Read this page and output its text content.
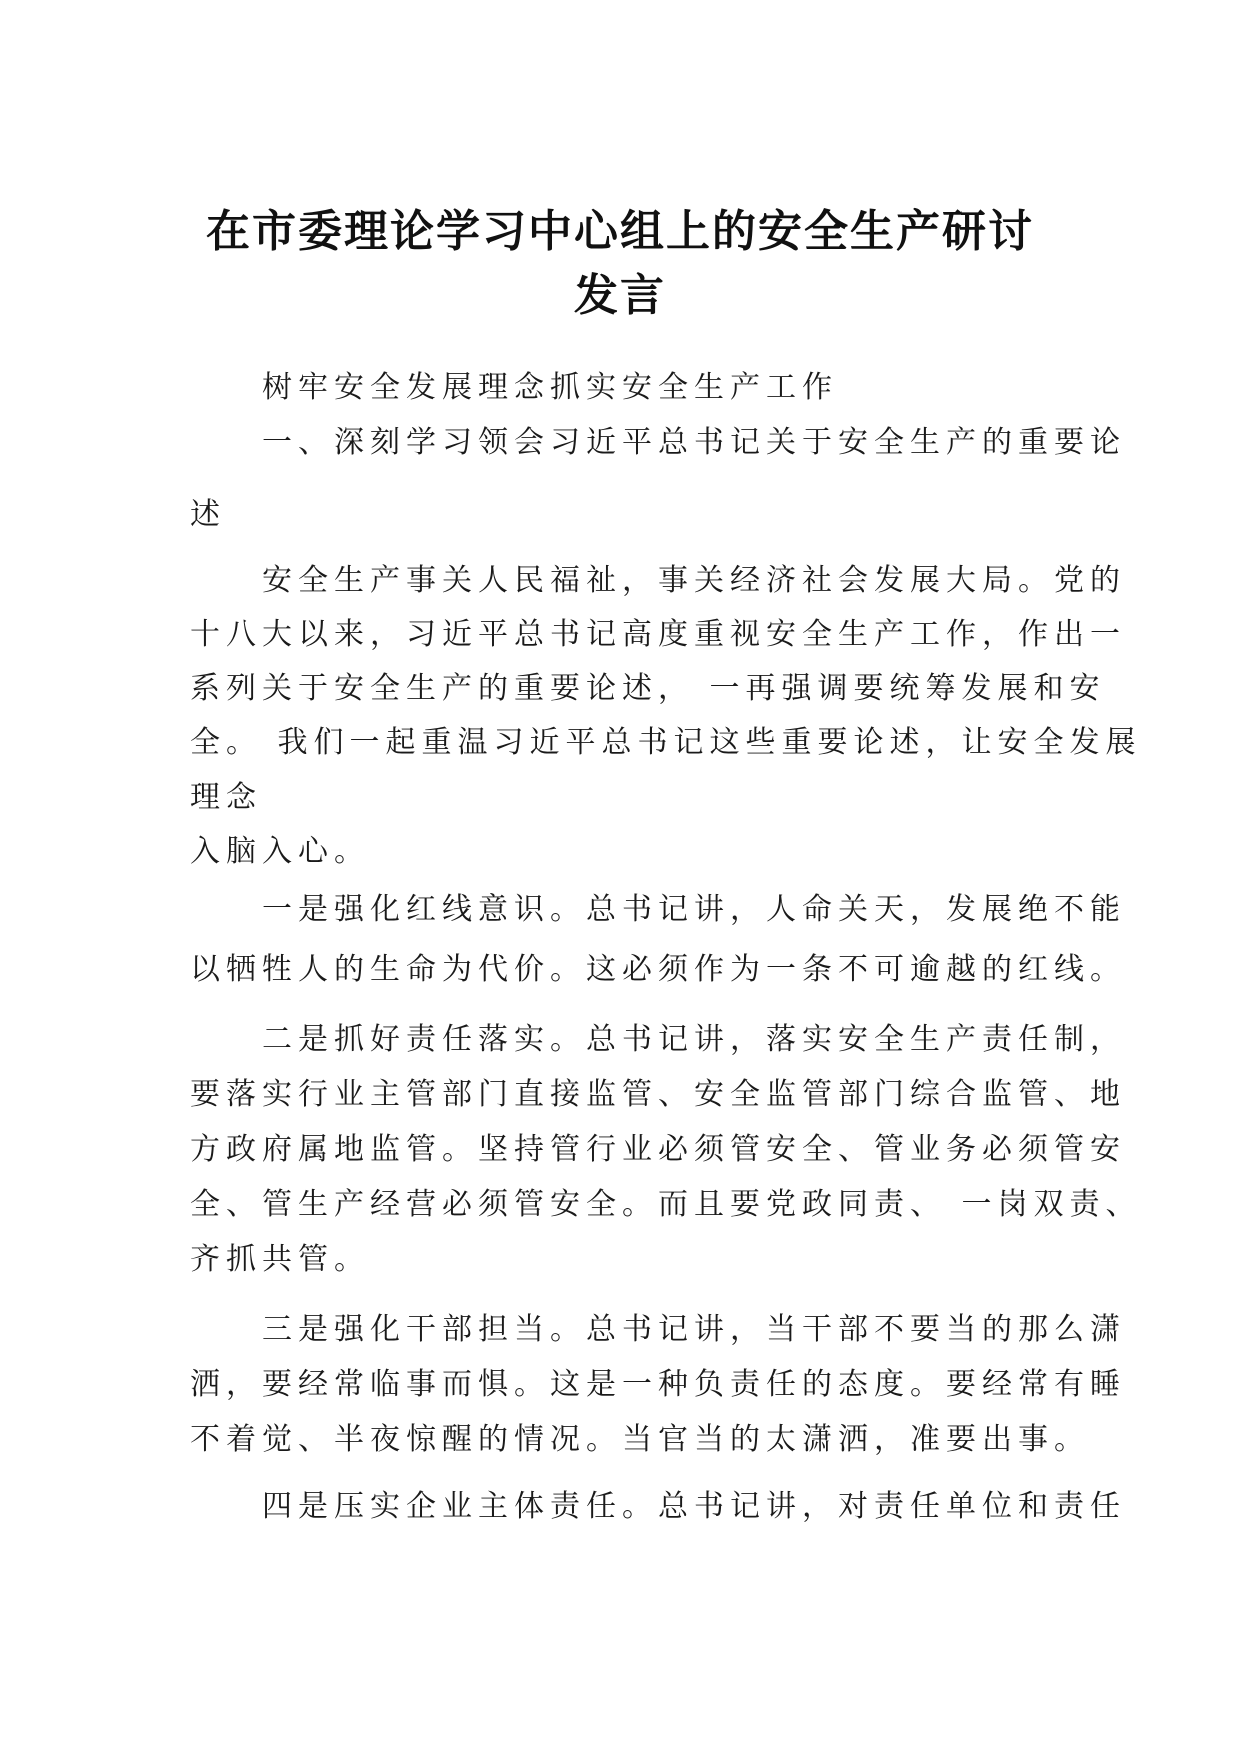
在市委理论学习中心组上的安全生产研讨
发言
树牢安全发展理念抓实安全生产工作
一、深刻学习领会习近平总书记关于安全生产的重要论
述
安全生产事关人民福祉，事关经济社会发展大局。党的
十八大以来，习近平总书记高度重视安全生产工作，作出一
系列关于安全生产的重要论述， 一再强调要统筹发展和安
全。 我们一起重温习近平总书记这些重要论述，让安全发展
理念
入脑入心。
一是强化红线意识。总书记讲，人命关天，发展绝不能
以牺牲人的生命为代价。这必须作为一条不可逾越的红线。
二是抓好责任落实。总书记讲，落实安全生产责任制，
要落实行业主管部门直接监管、安全监管部门综合监管、地
方政府属地监管。坚持管行业必须管安全、管业务必须管安
全、管生产经营必须管安全。而且要党政同责、 一岗双责、
齐抓共管。
三是强化干部担当。总书记讲，当干部不要当的那么潇
洒，要经常临事而惧。这是一种负责任的态度。要经常有睡
不着觉、半夜惊醒的情况。当官当的太潇洒，准要出事。
四是压实企业主体责任。总书记讲，对责任单位和责任
